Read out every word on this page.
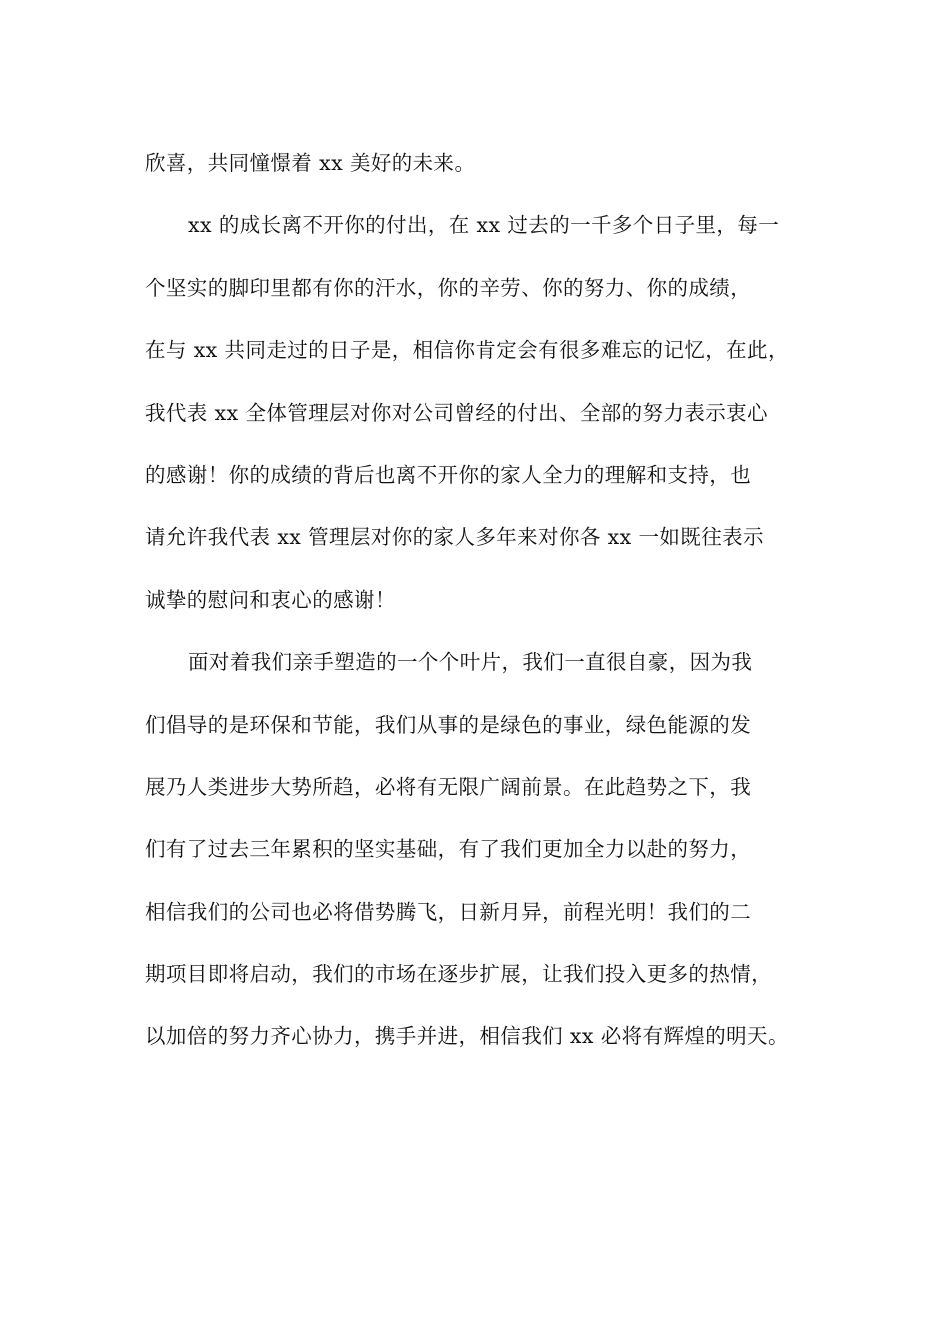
欣喜，共同憧憬着 xx 美好的未来。
xx 的成长离不开你的付出，在 xx 过去的一千多个日子里，每一
个坚实的脚印里都有你的汗水，你的辛劳、你的努力、你的成绩，
在与 xx 共同走过的日子是，相信你肯定会有很多难忘的记忆，在此，
我代表 xx 全体管理层对你对公司曾经的付出、全部的努力表示衷心
的感谢！你的成绩的背后也离不开你的家人全力的理解和支持，也
请允许我代表 xx 管理层对你的家人多年来对你各 xx 一如既往表示
诚挚的慰问和衷心的感谢！
面对着我们亲手塑造的一个个叶片，我们一直很自豪，因为我
们倡导的是环保和节能，我们从事的是绿色的事业，绿色能源的发
展乃人类进步大势所趋，必将有无限广阔前景。在此趋势之下，我
们有了过去三年累积的坚实基础，有了我们更加全力以赴的努力，
相信我们的公司也必将借势腾飞，日新月异，前程光明！我们的二
期项目即将启动，我们的市场在逐步扩展，让我们投入更多的热情，
以加倍的努力齐心协力，携手并进，相信我们 xx 必将有辉煌的明天。
